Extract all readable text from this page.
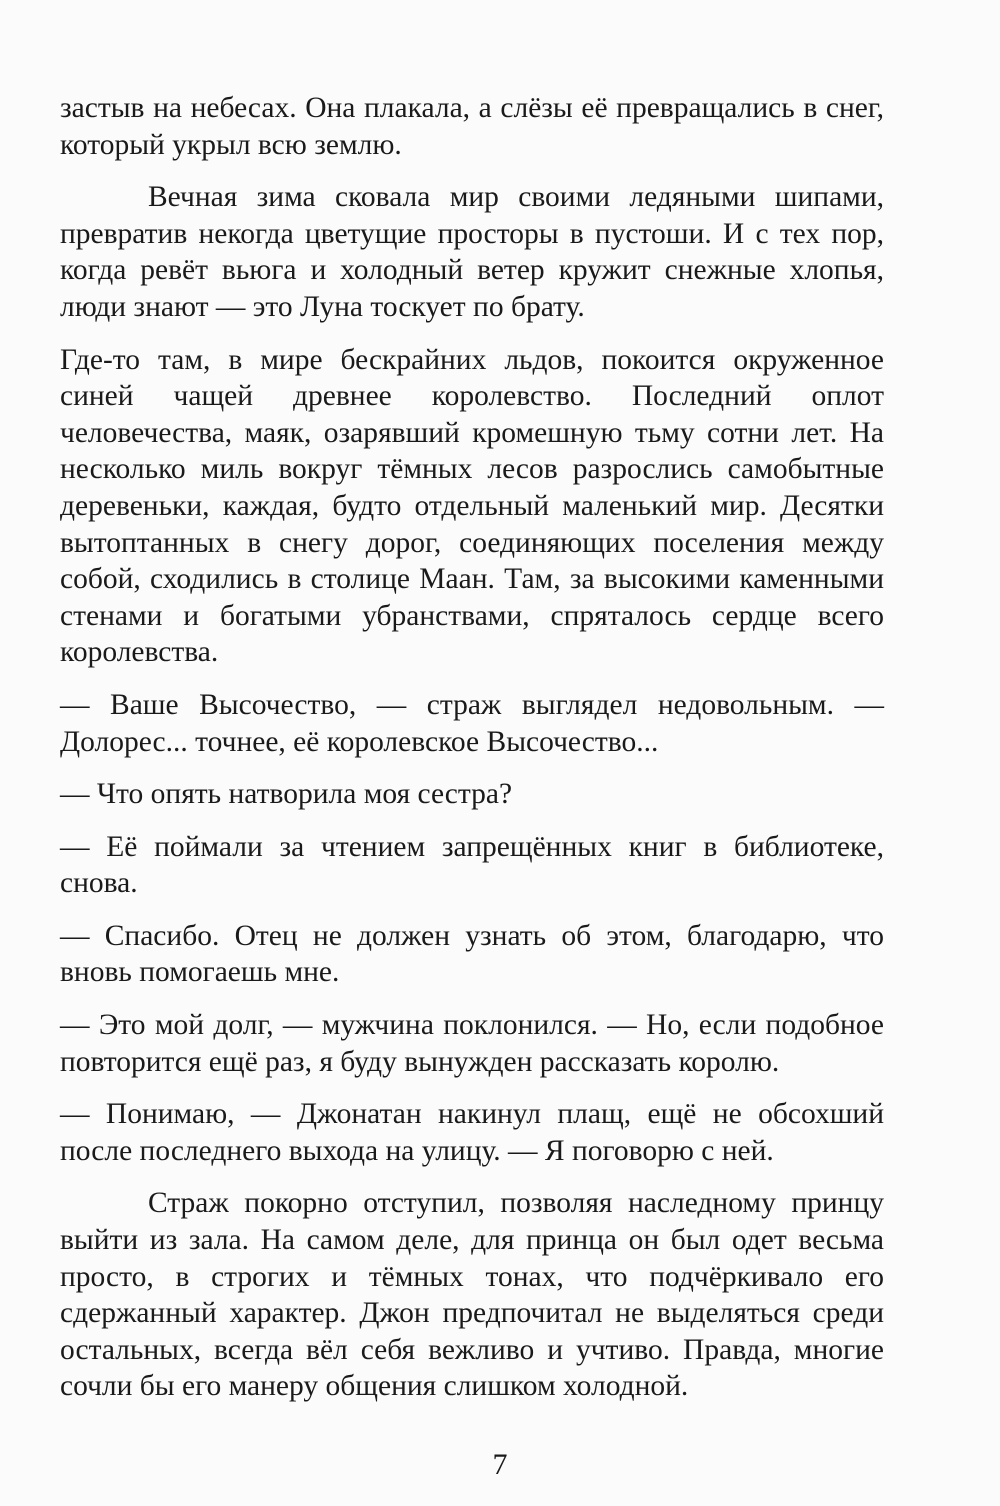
застыв на небесах. Она плакала, а слёзы её превращались в снег, который укрыл всю землю.

Вечная зима сковала мир своими ледяными шипами, превратив некогда цветущие просторы в пустоши. И с тех пор, когда ревёт вьюга и холодный ветер кружит снежные хлопья, люди знают — это Луна тоскует по брату.

Где-то там, в мире бескрайних льдов, покоится окруженное синей чащей древнее королевство. Последний оплот человечества, маяк, озарявший кромешную тьму сотни лет. На несколько миль вокруг тёмных лесов разрослись самобытные деревеньки, каждая, будто отдельный маленький мир. Десятки вытоптанных в снегу дорог, соединяющих поселения между собой, сходились в столице Маан. Там, за высокими каменными стенами и богатыми убранствами, спряталось сердце всего королевства.

— Ваше Высочество, — страж выглядел недовольным. — Долорес... точнее, её королевское Высочество...

— Что опять натворила моя сестра?

— Её поймали за чтением запрещённых книг в библиотеке, снова.

— Спасибо. Отец не должен узнать об этом, благодарю, что вновь помогаешь мне.

— Это мой долг, — мужчина поклонился. — Но, если подобное повторится ещё раз, я буду вынужден рассказать королю.

— Понимаю, — Джонатан накинул плащ, ещё не обсохший после последнего выхода на улицу. — Я поговорю с ней.

Страж покорно отступил, позволяя наследному принцу выйти из зала. На самом деле, для принца он был одет весьма просто, в строгих и тёмных тонах, что подчёркивало его сдержанный характер. Джон предпочитал не выделяться среди остальных, всегда вёл себя вежливо и учтиво. Правда, многие сочли бы его манеру общения слишком холодной.

7
